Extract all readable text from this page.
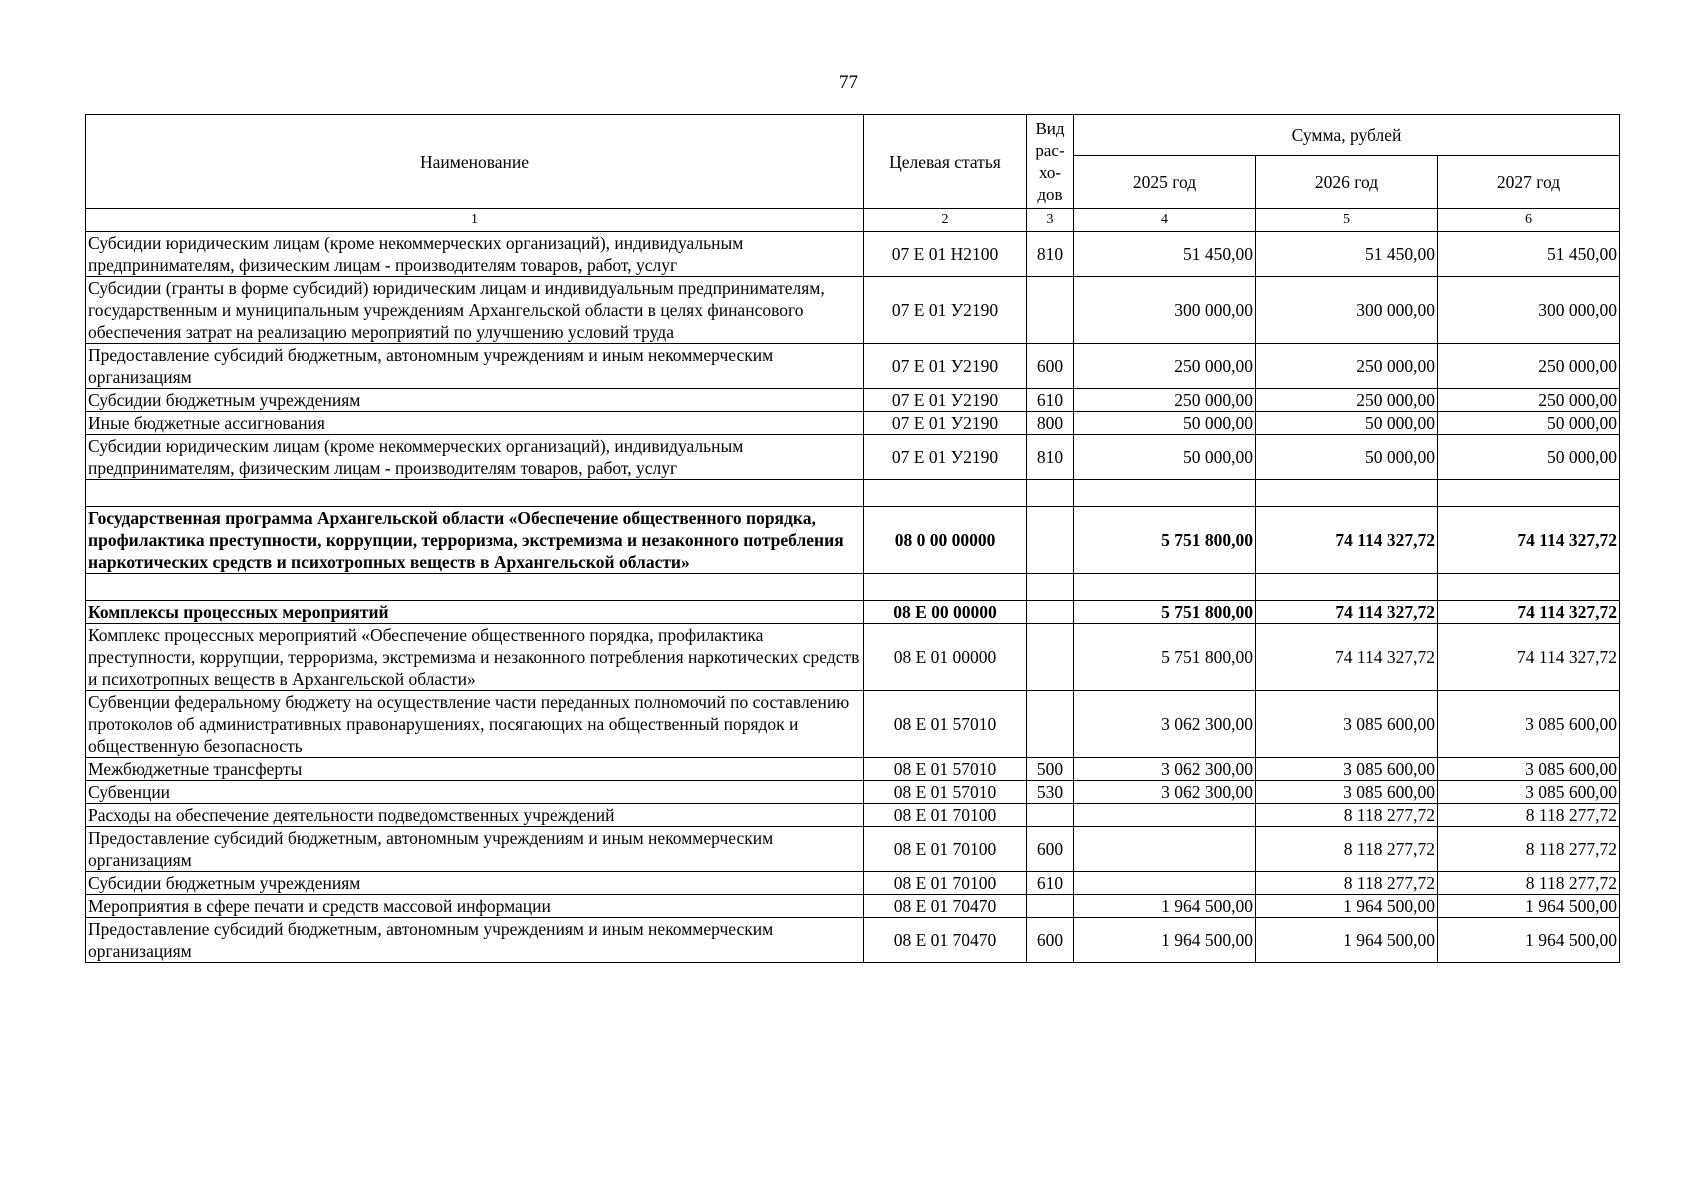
77
Наименование	Целевая статья	Вид рас-хо-дов	Сумма, рублей		
			2025 год	2026 год	2027 год
1	2	3	4	5	6
Субсидии юридическим лицам (кроме некоммерческих организаций), индивидуальным предпринимателям, физическим лицам - производителям товаров, работ, услуг	07 Е 01 Н2100	810	51 450,00	51 450,00	51 450,00
Субсидии (гранты в форме субсидий) юридическим лицам и индивидуальным предпринимателям, государственным и муниципальным учреждениям Архангельской области в целях финансового обеспечения затрат на реализацию мероприятий по улучшению условий труда	07 Е 01 У2190		300 000,00	300 000,00	300 000,00
Предоставление субсидий бюджетным, автономным учреждениям и иным некоммерческим организациям	07 Е 01 У2190	600	250 000,00	250 000,00	250 000,00
Субсидии бюджетным учреждениям	07 Е 01 У2190	610	250 000,00	250 000,00	250 000,00
Иные бюджетные ассигнования	07 Е 01 У2190	800	50 000,00	50 000,00	50 000,00
Субсидии юридическим лицам (кроме некоммерческих организаций), индивидуальным предпринимателям, физическим лицам - производителям товаров, работ, услуг	07 Е 01 У2190	810	50 000,00	50 000,00	50 000,00

Государственная программа Архангельской области «Обеспечение общественного порядка, профилактика преступности, коррупции, терроризма, экстремизма и незаконного потребления наркотических средств и психотропных веществ в Архангельской области»	08 0 00 00000		5 751 800,00	74 114 327,72	74 114 327,72

Комплексы процессных мероприятий	08 Е 00 00000		5 751 800,00	74 114 327,72	74 114 327,72
Комплекс процессных мероприятий «Обеспечение общественного порядка, профилактика преступности, коррупции, терроризма, экстремизма и незаконного потребления наркотических средств и психотропных веществ в Архангельской области»	08 Е 01 00000		5 751 800,00	74 114 327,72	74 114 327,72
Субвенции федеральному бюджету на осуществление части переданных полномочий по составлению протоколов об административных правонарушениях, посягающих на общественный порядок и общественную безопасность	08 Е 01 57010		3 062 300,00	3 085 600,00	3 085 600,00
Межбюджетные трансферты	08 Е 01 57010	500	3 062 300,00	3 085 600,00	3 085 600,00
Субвенции	08 Е 01 57010	530	3 062 300,00	3 085 600,00	3 085 600,00
Расходы на обеспечение деятельности подведомственных учреждений	08 Е 01 70100			8 118 277,72	8 118 277,72
Предоставление субсидий бюджетным, автономным учреждениям и иным некоммерческим организациям	08 Е 01 70100	600		8 118 277,72	8 118 277,72
Субсидии бюджетным учреждениям	08 Е 01 70100	610		8 118 277,72	8 118 277,72
Мероприятия в сфере печати и средств массовой информации	08 Е 01 70470		1 964 500,00	1 964 500,00	1 964 500,00
Предоставление субсидий бюджетным, автономным учреждениям и иным некоммерческим организациям	08 Е 01 70470	600	1 964 500,00	1 964 500,00	1 964 500,00
